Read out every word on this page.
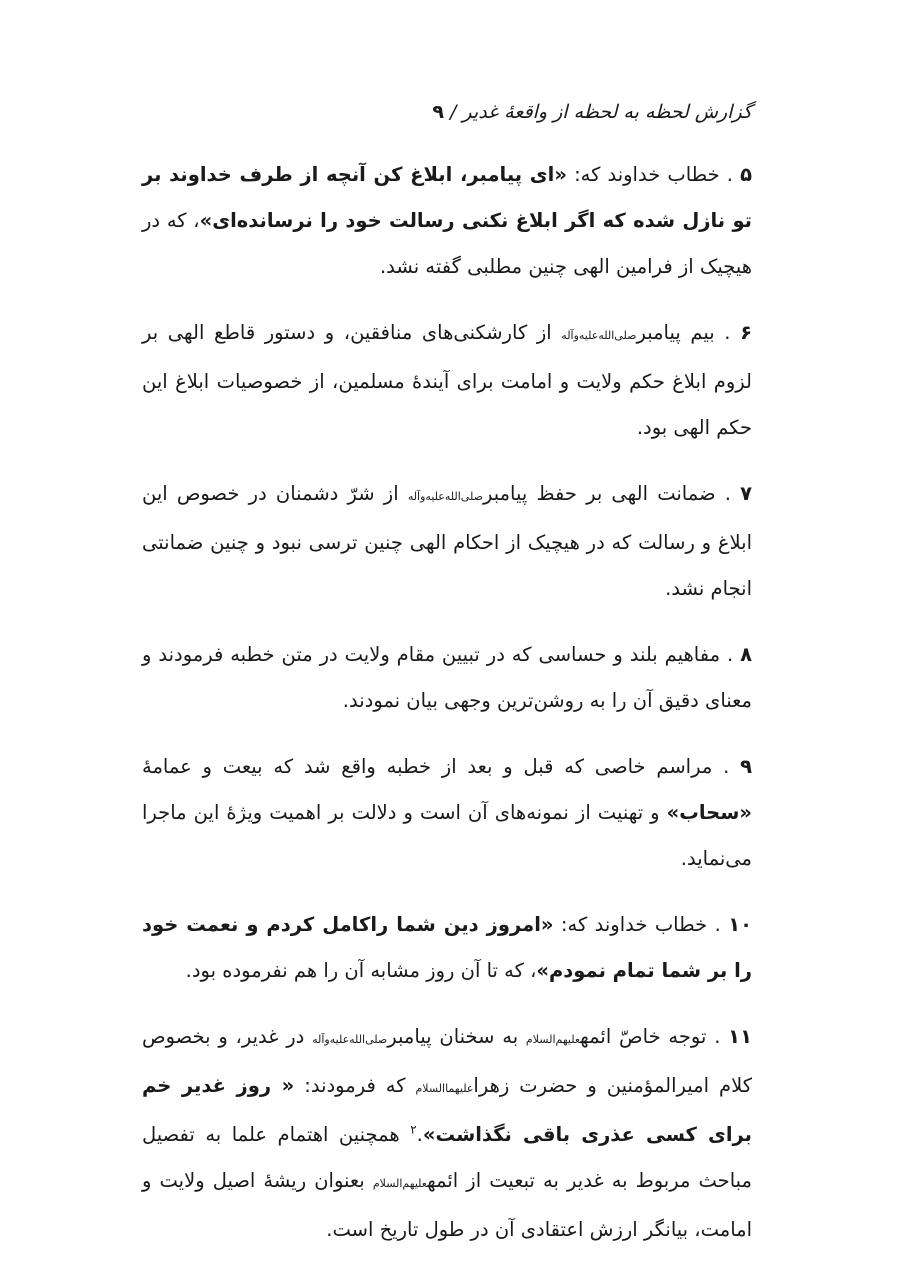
گزارش لحظه به لحظه از واقعۀ غدیر / ۹

۵ . خطاب خداوند که: «ای پیامبر، ابلاغ کن آنچه از طرف خداوند بر تو نازل شده که اگر ابلاغ نکنی رسالت خود را نرسانده‌ای»، که در هیچیک از فرامین الهی چنین مطلبی گفته نشد.

۶ . بیم پیامبرصلی‌الله‌علیه‌وآله از کارشکنی‌های منافقین، و دستور قاطع الهی بر لزوم ابلاغ حکم ولایت و امامت برای آیندۀ مسلمین، از خصوصیات ابلاغ این حکم الهی بود.

۷ . ضمانت الهی بر حفظ پیامبرصلی‌الله‌علیه‌وآله از شرّ دشمنان در خصوص این ابلاغ و رسالت که در هیچیک از احکام الهی چنین ترسی نبود و چنین ضمانتی انجام نشد.

۸ . مفاهیم بلند و حساسی که در تبیین مقام ولایت در متن خطبه فرمودند و معنای دقیق آن را به روشن‌ترین وجهی بیان نمودند.

۹ . مراسم خاصی که قبل و بعد از خطبه واقع شد که بیعت و عمامۀ «سحاب» و تهنیت از نمونه‌های آن است و دلالت بر اهمیت ویژۀ این ماجرا می‌نماید.

۱۰ . خطاب خداوند که: «امروز دین شما راکامل کردم و نعمت خود را بر شما تمام نمودم»، که تا آن روز مشابه آن را هم نفرموده بود.

۱۱ . توجه خاصّ ائمهعلیهم‌السلام به سخنان پیامبرصلی‌الله‌علیه‌وآله در غدیر، و بخصوص کلام امیرالمؤمنین و حضرت زهراعلیهماالسلام که فرمودند: « روز غدیر خم برای کسی عذری باقی نگذاشت».$^۲$ همچنین اهتمام علما به تفصیل مباحث مربوط به غدیر به تبعیت از ائمهعلیهم‌السلام بعنوان ریشۀ اصیل ولایت و امامت، بیانگر ارزش اعتقادی آن در طول تاریخ است.
